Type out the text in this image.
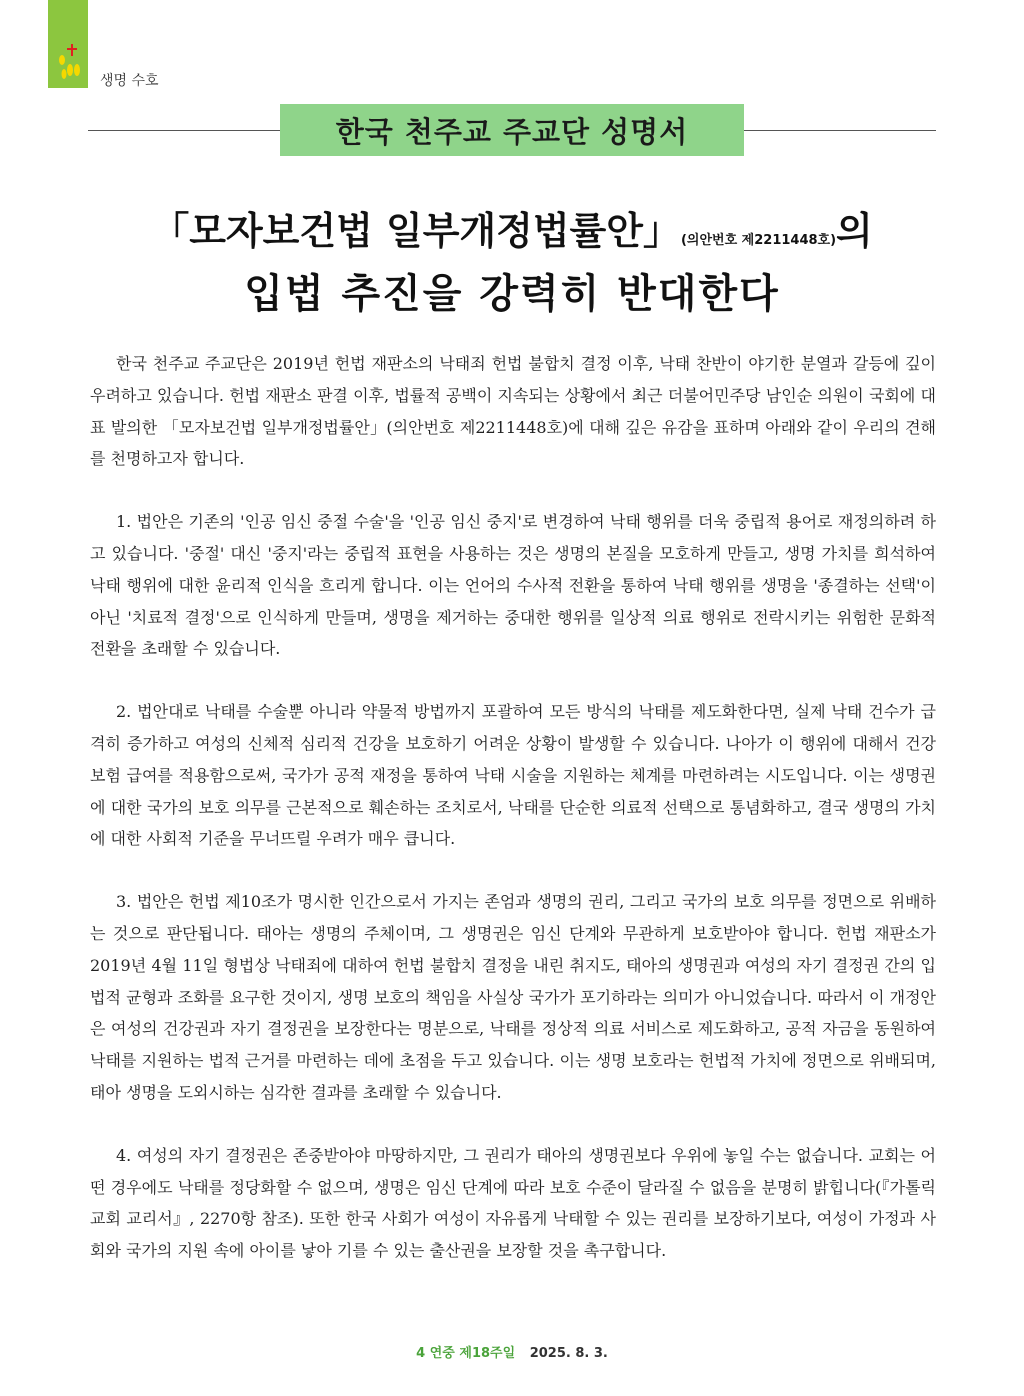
생명 수호
한국 천주교 주교단 성명서
「모자보건법 일부개정법률안」(의안번호 제2211448호)의
입법 추진을 강력히 반대한다

한국 천주교 주교단은 2019년 헌법 재판소의 낙태죄 헌법 불합치 결정 이후, 낙태 찬반이 야기한 분열과 갈등에 깊이 우려하고 있습니다. 헌법 재판소 판결 이후, 법률적 공백이 지속되는 상황에서 최근 더불어민주당 남인순 의원이 국회에 대표 발의한 「모자보건법 일부개정법률안」(의안번호 제2211448호)에 대해 깊은 유감을 표하며 아래와 같이 우리의 견해를 천명하고자 합니다.

1. 법안은 기존의 '인공 임신 중절 수술'을 '인공 임신 중지'로 변경하여 낙태 행위를 더욱 중립적 용어로 재정의하려 하고 있습니다. '중절' 대신 '중지'라는 중립적 표현을 사용하는 것은 생명의 본질을 모호하게 만들고, 생명 가치를 희석하여 낙태 행위에 대한 윤리적 인식을 흐리게 합니다. 이는 언어의 수사적 전환을 통하여 낙태 행위를 생명을 '종결하는 선택'이 아닌 '치료적 결정'으로 인식하게 만들며, 생명을 제거하는 중대한 행위를 일상적 의료 행위로 전락시키는 위험한 문화적 전환을 초래할 수 있습니다.

2. 법안대로 낙태를 수술뿐 아니라 약물적 방법까지 포괄하여 모든 방식의 낙태를 제도화한다면, 실제 낙태 건수가 급격히 증가하고 여성의 신체적 심리적 건강을 보호하기 어려운 상황이 발생할 수 있습니다. 나아가 이 행위에 대해서 건강 보험 급여를 적용함으로써, 국가가 공적 재정을 통하여 낙태 시술을 지원하는 체계를 마련하려는 시도입니다. 이는 생명권에 대한 국가의 보호 의무를 근본적으로 훼손하는 조치로서, 낙태를 단순한 의료적 선택으로 통념화하고, 결국 생명의 가치에 대한 사회적 기준을 무너뜨릴 우려가 매우 큽니다.

3. 법안은 헌법 제10조가 명시한 인간으로서 가지는 존엄과 생명의 권리, 그리고 국가의 보호 의무를 정면으로 위배하는 것으로 판단됩니다. 태아는 생명의 주체이며, 그 생명권은 임신 단계와 무관하게 보호받아야 합니다. 헌법 재판소가 2019년 4월 11일 형법상 낙태죄에 대하여 헌법 불합치 결정을 내린 취지도, 태아의 생명권과 여성의 자기 결정권 간의 입법적 균형과 조화를 요구한 것이지, 생명 보호의 책임을 사실상 국가가 포기하라는 의미가 아니었습니다. 따라서 이 개정안은 여성의 건강권과 자기 결정권을 보장한다는 명분으로, 낙태를 정상적 의료 서비스로 제도화하고, 공적 자금을 동원하여 낙태를 지원하는 법적 근거를 마련하는 데에 초점을 두고 있습니다. 이는 생명 보호라는 헌법적 가치에 정면으로 위배되며, 태아 생명을 도외시하는 심각한 결과를 초래할 수 있습니다.

4. 여성의 자기 결정권은 존중받아야 마땅하지만, 그 권리가 태아의 생명권보다 우위에 놓일 수는 없습니다. 교회는 어떤 경우에도 낙태를 정당화할 수 없으며, 생명은 임신 단계에 따라 보호 수준이 달라질 수 없음을 분명히 밝힙니다(『가톨릭 교회 교리서』, 2270항 참조). 또한 한국 사회가 여성이 자유롭게 낙태할 수 있는 권리를 보장하기보다, 여성이 가정과 사회와 국가의 지원 속에 아이를 낳아 기를 수 있는 출산권을 보장할 것을 촉구합니다.

4 연중 제18주일 2025. 8. 3.
